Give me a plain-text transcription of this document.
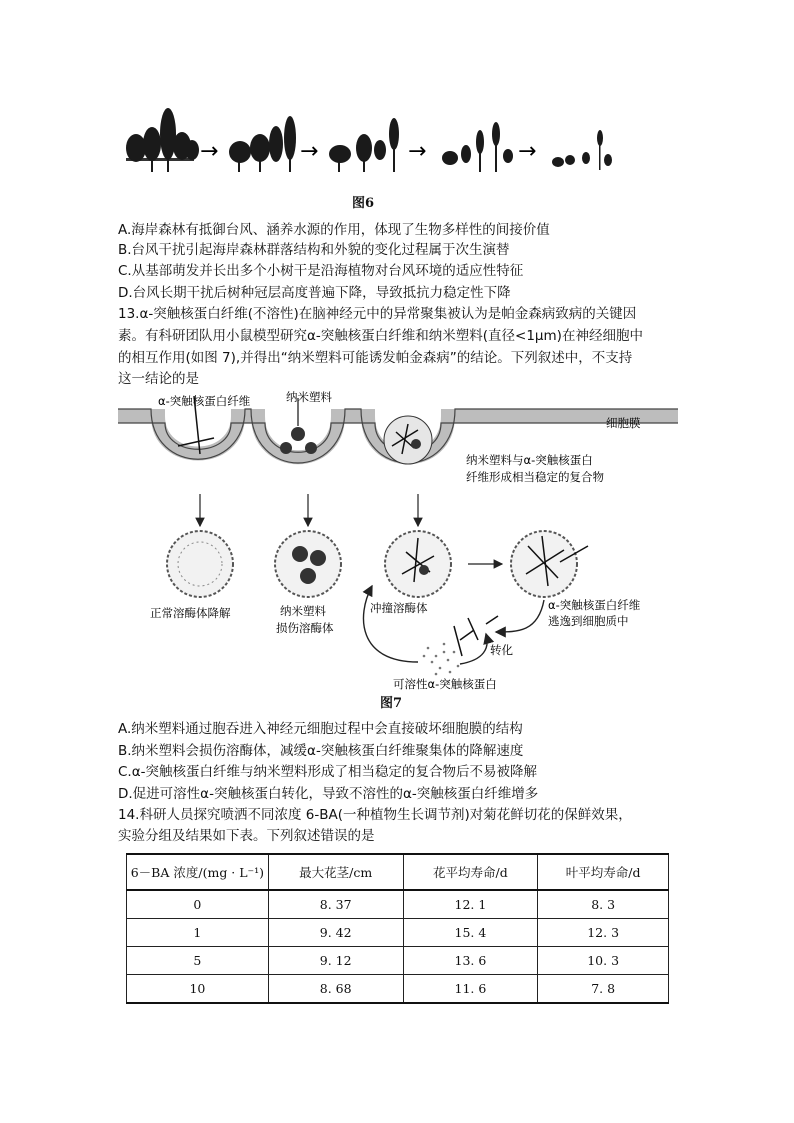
→	→	→	→
图6
A.海岸森林有抵御台风、涵养水源的作用，体现了生物多样性的间接价值
B.台风干扰引起海岸森林群落结构和外貌的变化过程属于次生演替
C.从基部萌发并长出多个小树干是沿海植物对台风环境的适应性特征
D.台风长期干扰后树种冠层高度普遍下降，导致抵抗力稳定性下降
13.α-突触核蛋白纤维(不溶性)在脑神经元中的异常聚集被认为是帕金森病致病的关键因
素。有科研团队用小鼠模型研究α-突触核蛋白纤维和纳米塑料(直径<1μm)在神经细胞中
的相互作用(如图 7),并得出“纳米塑料可能诱发帕金森病”的结论。下列叙述中，不支持
这一结论的是
α-突触核蛋白纤维	纳米塑料
细胞膜
纳米塑料与α-突触核蛋白
纤维形成相当稳定的复合物
正常溶酶体降解	纳米塑料
损伤溶酶体
冲撞溶酶体	α-突触核蛋白纤维
逃逸到细胞质中
转化
可溶性α-突触核蛋白
图7
A.纳米塑料通过胞吞进入神经元细胞过程中会直接破坏细胞膜的结构
B.纳米塑料会损伤溶酶体，减缓α-突触核蛋白纤维聚集体的降解速度
C.α-突触核蛋白纤维与纳米塑料形成了相当稳定的复合物后不易被降解
D.促进可溶性α-突触核蛋白转化，导致不溶性的α-突触核蛋白纤维增多
14.科研人员探究喷洒不同浓度 6-BA(一种植物生长调节剂)对菊花鲜切花的保鲜效果，
实验分组及结果如下表。下列叙述错误的是
6－BA 浓度/(mg · L⁻¹)	最大花茎/cm	花平均寿命/d	叶平均寿命/d
0	8. 37	12. 1	8. 3
1	9. 42	15. 4	12. 3
5	9. 12	13. 6	10. 3
10	8. 68	11. 6	7. 8
